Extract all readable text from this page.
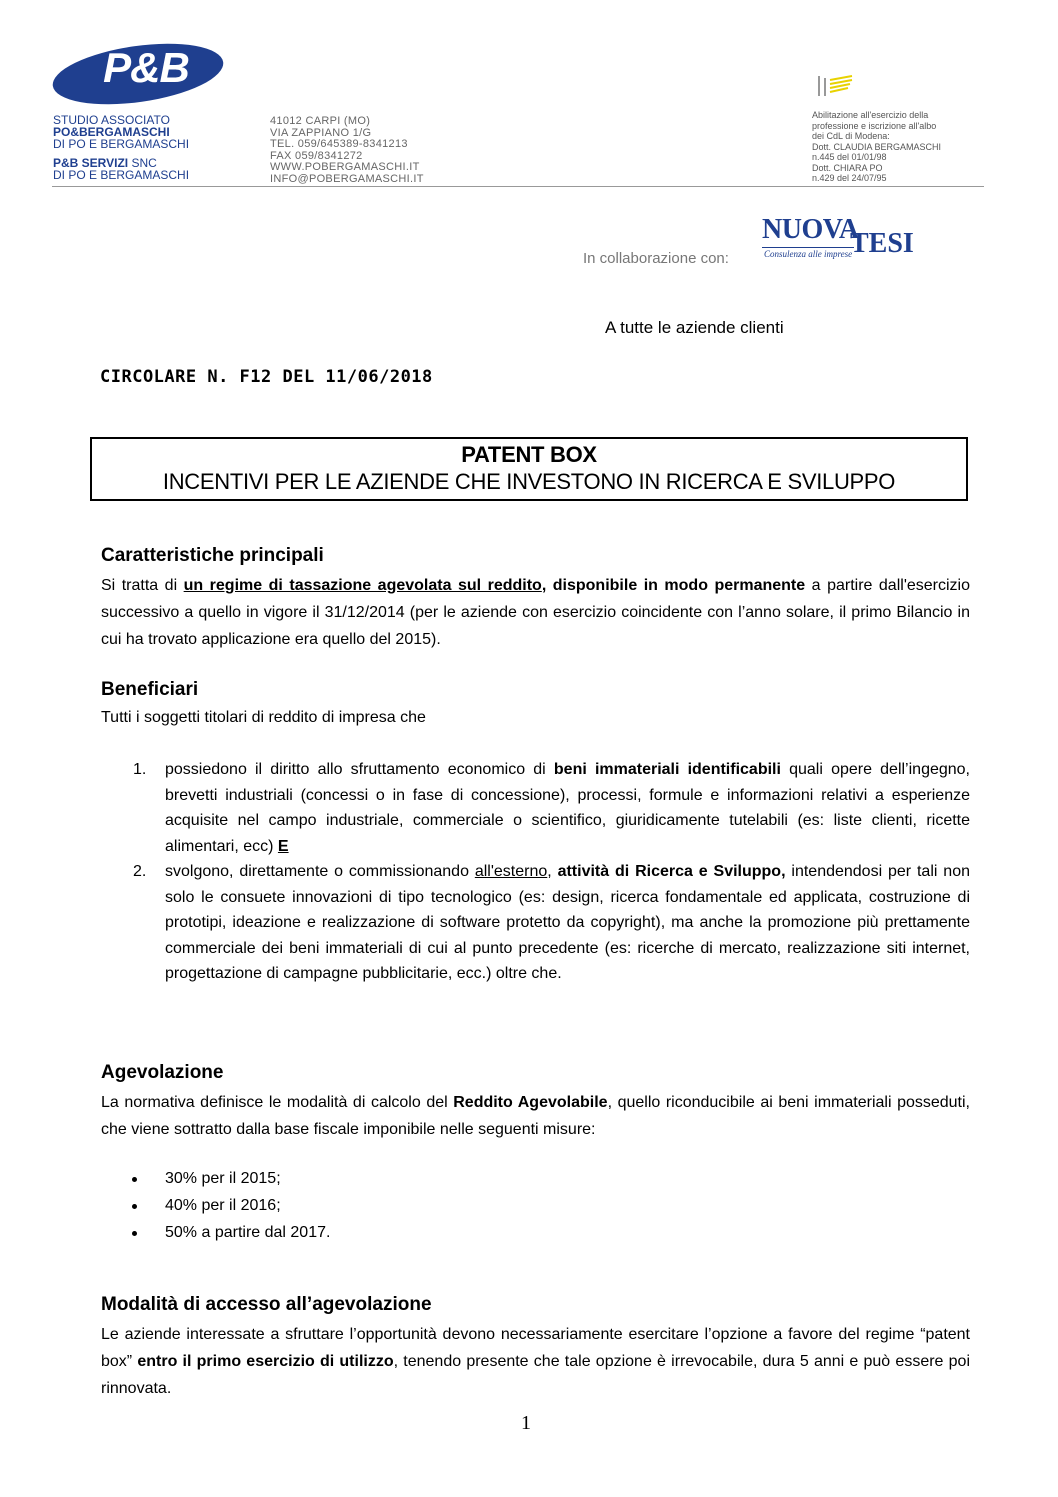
P&B
STUDIO ASSOCIATO
PO&BERGAMASCHI
DI PO E BERGAMASCHI
P&B SERVIZI SNC
DI PO E BERGAMASCHI
41012 CARPI (MO)
VIA ZAPPIANO 1/G
TEL. 059/645389-8341213
FAX 059/8341272
WWW.POBERGAMASCHI.IT
INFO@POBERGAMASCHI.IT
Abilitazione all'esercizio della
professione e iscrizione all'albo
dei CdL di Modena:
Dott. CLAUDIA BERGAMASCHI
n.445 del 01/01/98
Dott. CHIARA PO
n.429 del 24/07/95
In collaborazione con:
NUOVA
TESI
Consulenza alle imprese
A tutte le aziende clienti
CIRCOLARE N. F12 DEL 11/06/2018
PATENT BOX
INCENTIVI PER LE AZIENDE CHE INVESTONO IN RICERCA E SVILUPPO
Caratteristiche principali
Si tratta di un regime di tassazione agevolata sul reddito, disponibile in modo permanente a partire dall'esercizio successivo a quello in vigore il 31/12/2014 (per le aziende con esercizio coincidente con l’anno solare, il primo Bilancio in cui ha trovato applicazione era quello del 2015).
Beneficiari
Tutti i soggetti titolari di reddito di impresa che
1. possiedono il diritto allo sfruttamento economico di beni immateriali identificabili quali opere dell’ingegno, brevetti industriali (concessi o in fase di concessione), processi, formule e informazioni relativi a esperienze acquisite nel campo industriale, commerciale o scientifico, giuridicamente tutelabili (es: liste clienti, ricette alimentari, ecc) E
2. svolgono, direttamente o commissionando all'esterno, attività di Ricerca e Sviluppo, intendendosi per tali non solo le consuete innovazioni di tipo tecnologico (es: design, ricerca fondamentale ed applicata, costruzione di prototipi, ideazione e realizzazione di software protetto da copyright), ma anche la promozione più prettamente commerciale dei beni immateriali di cui al punto precedente (es: ricerche di mercato, realizzazione siti internet, progettazione di campagne pubblicitarie, ecc.) oltre che.
Agevolazione
La normativa definisce le modalità di calcolo del Reddito Agevolabile, quello riconducibile ai beni immateriali posseduti, che viene sottratto dalla base fiscale imponibile nelle seguenti misure:
30% per il 2015;
40% per il 2016;
50% a partire dal 2017.
Modalità di accesso all’agevolazione
Le aziende interessate a sfruttare l’opportunità devono necessariamente esercitare l’opzione a favore del regime “patent box” entro il primo esercizio di utilizzo, tenendo presente che tale opzione è irrevocabile, dura 5 anni e può essere poi rinnovata.
1
